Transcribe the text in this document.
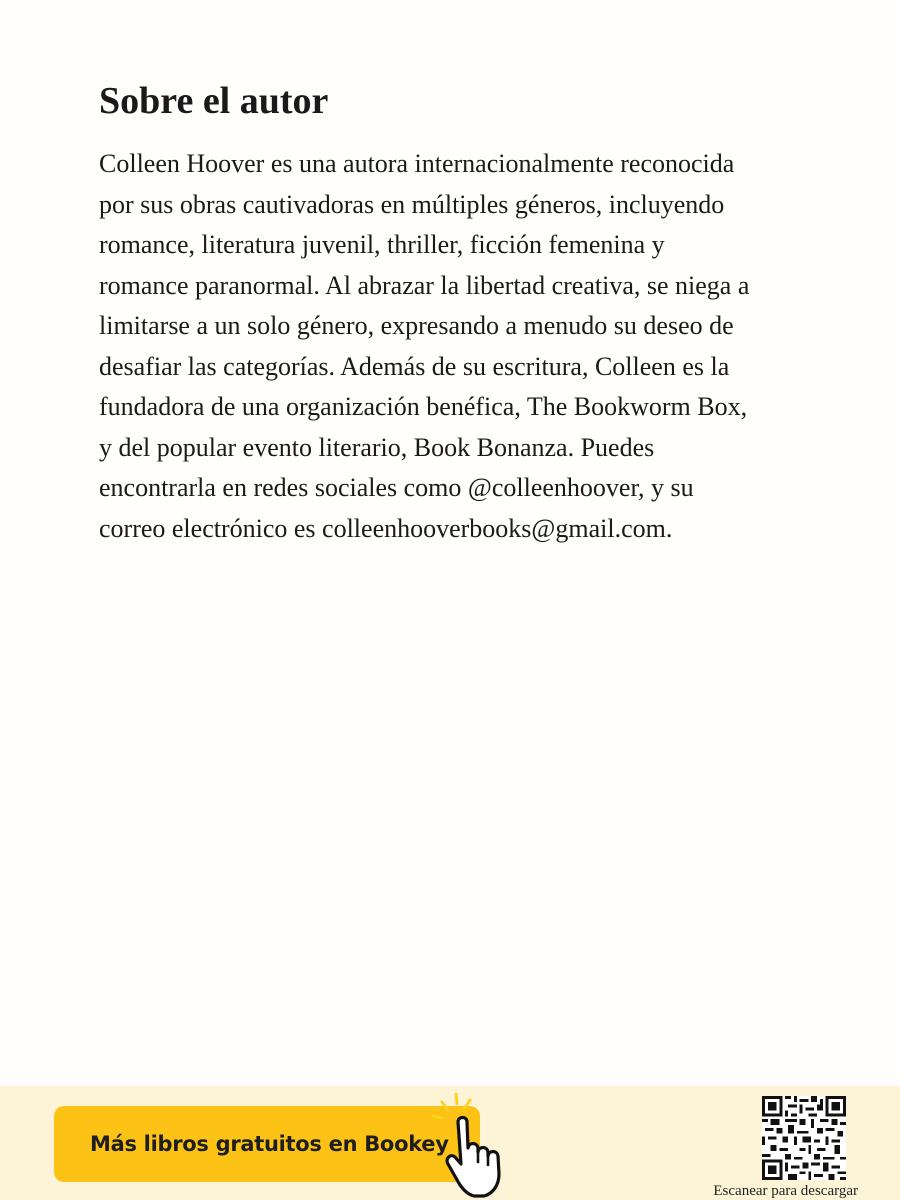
Sobre el autor

Colleen Hoover es una autora internacionalmente reconocida
por sus obras cautivadoras en múltiples géneros, incluyendo
romance, literatura juvenil, thriller, ficción femenina y
romance paranormal. Al abrazar la libertad creativa, se niega a
limitarse a un solo género, expresando a menudo su deseo de
desafiar las categorías. Además de su escritura, Colleen es la
fundadora de una organización benéfica, The Bookworm Box,
y del popular evento literario, Book Bonanza. Puedes
encontrarla en redes sociales como @colleenhoover, y su
correo electrónico es colleenhooverbooks@gmail.com.

Más libros gratuitos en Bookey
Escanear para descargar
